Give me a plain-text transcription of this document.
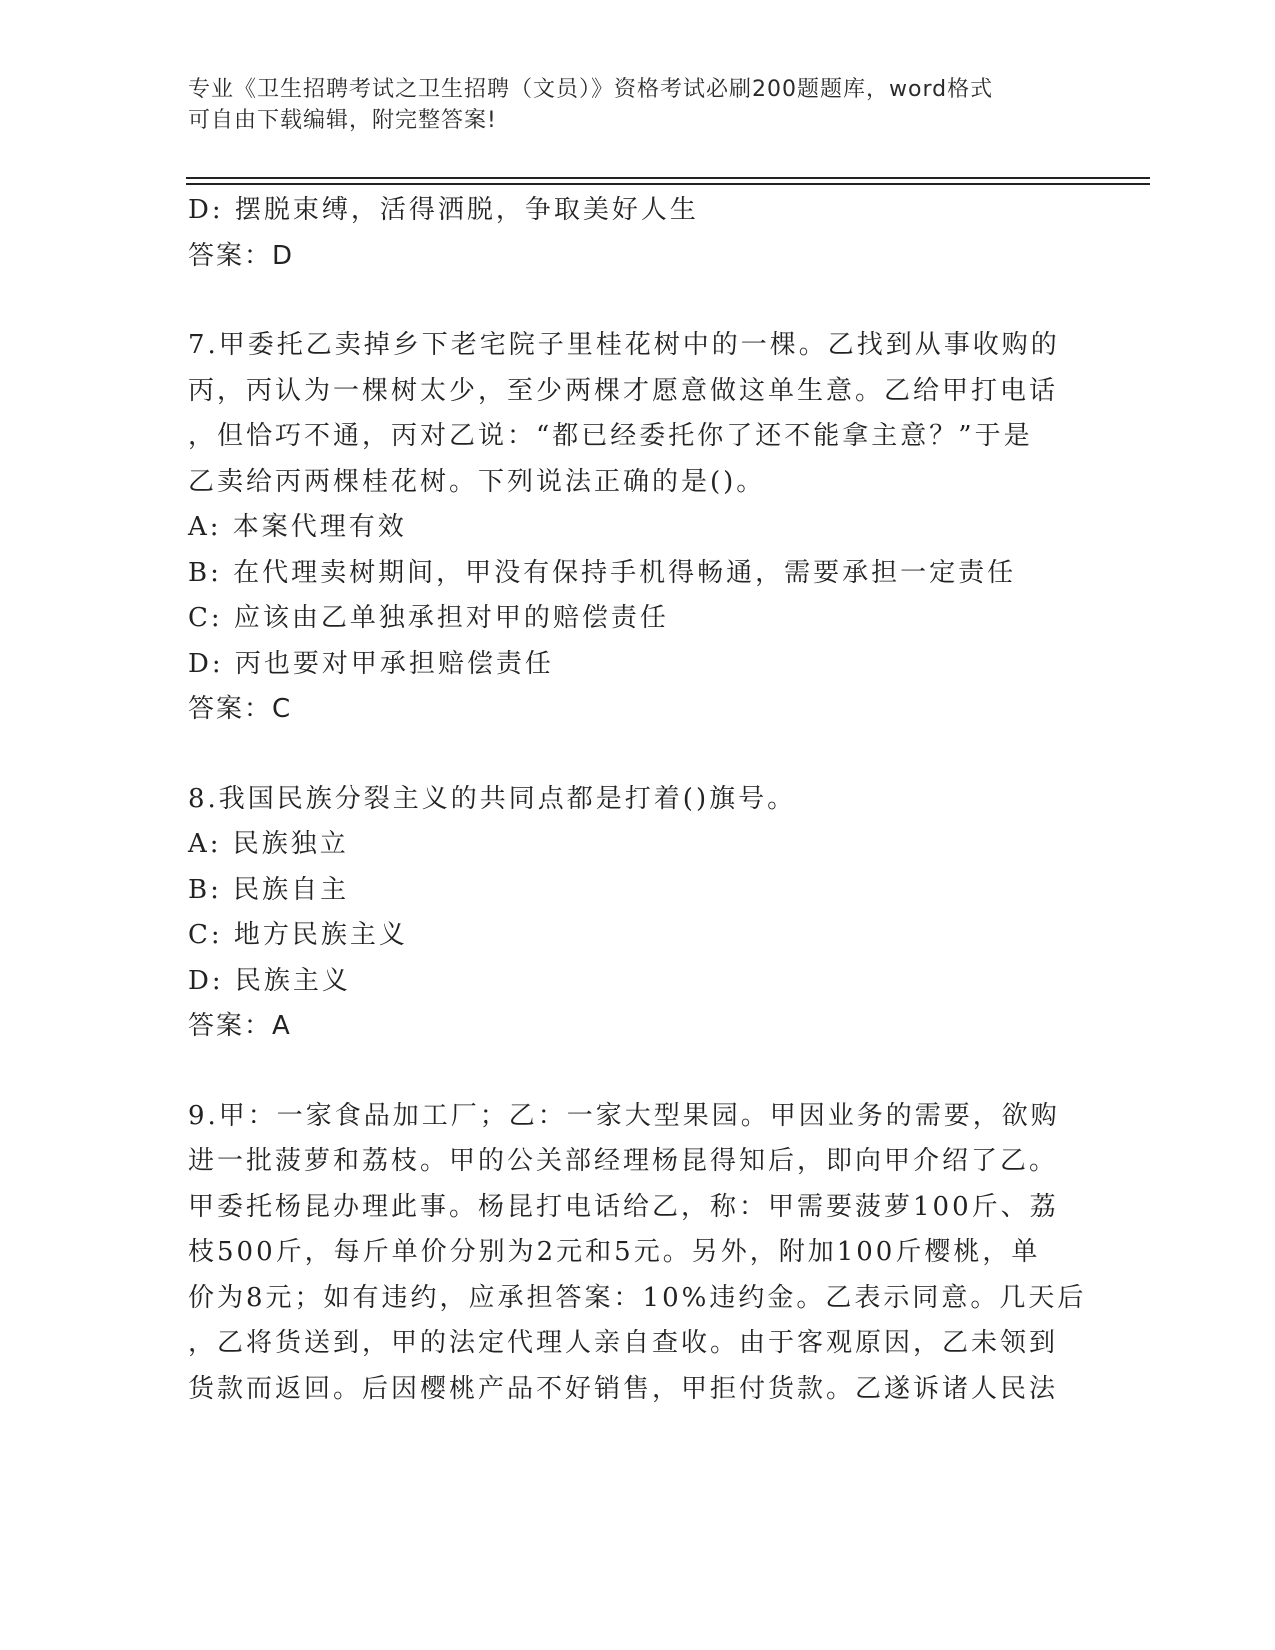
专业《卫生招聘考试之卫生招聘（文员）》资格考试必刷200题题库，word格式
可自由下载编辑，附完整答案!
D: 摆脱束缚，活得洒脱，争取美好人生
答案：D
7.甲委托乙卖掉乡下老宅院子里桂花树中的一棵。乙找到从事收购的
丙，丙认为一棵树太少，至少两棵才愿意做这单生意。乙给甲打电话
，但恰巧不通，丙对乙说：“都已经委托你了还不能拿主意？”于是
乙卖给丙两棵桂花树。下列说法正确的是()。
A: 本案代理有效
B: 在代理卖树期间，甲没有保持手机得畅通，需要承担一定责任
C: 应该由乙单独承担对甲的赔偿责任
D: 丙也要对甲承担赔偿责任
答案：C
8.我国民族分裂主义的共同点都是打着()旗号。
A: 民族独立
B: 民族自主
C: 地方民族主义
D: 民族主义
答案：A
9.甲：一家食品加工厂；乙：一家大型果园。甲因业务的需要，欲购
进一批菠萝和荔枝。甲的公关部经理杨昆得知后，即向甲介绍了乙。
甲委托杨昆办理此事。杨昆打电话给乙，称：甲需要菠萝100斤、荔
枝500斤，每斤单价分别为2元和5元。另外，附加100斤樱桃，单
价为8元；如有违约，应承担答案：10%违约金。乙表示同意。几天后
，乙将货送到，甲的法定代理人亲自查收。由于客观原因，乙未领到
货款而返回。后因樱桃产品不好销售，甲拒付货款。乙遂诉诸人民法
